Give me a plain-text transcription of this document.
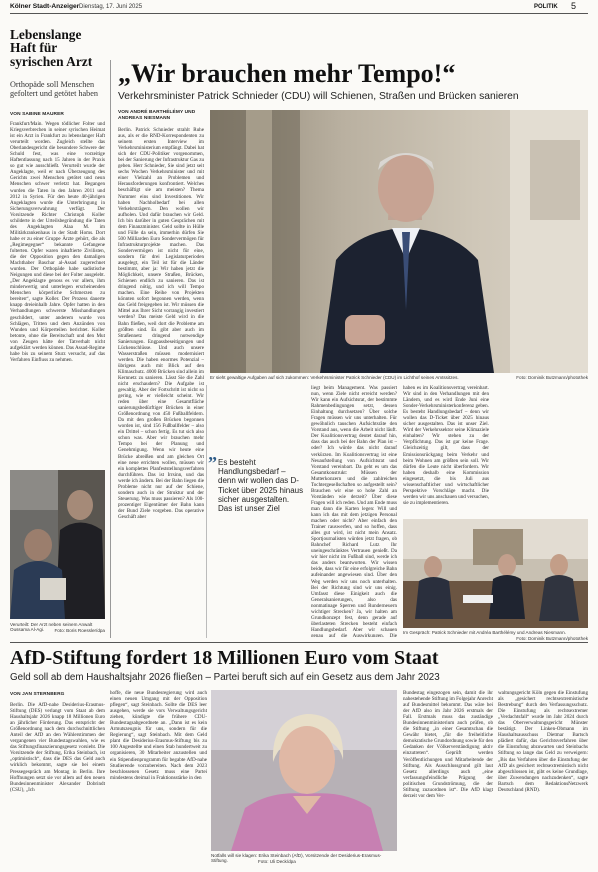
Kölner Stadt-Anzeiger Dienstag, 17. Juni 2025	POLITIK 5
Lebenslange Haft für syrischen Arzt
Orthopäde soll Menschen gefoltert und getötet haben
VON SABINE MAURER
Frankfurt/Main. Wegen tödlicher Folter und Kriegsverbrechen in seiner syrischen Heimat ist ein Arzt in Frankfurt zu lebenslanger Haft verurteilt worden. Zugleich stellte das Oberlandesgericht die besondere Schwere der Schuld fest, was eine vorzeitige Haftentlassung nach 15 Jahren in der Praxis so gut wie ausschließt. Verurteilt wurde der Angeklagte, weil er nach Überzeugung des Gerichts zwei Menschen getötet und neun Menschen schwer verletzt hat. Begangen wurden die Taten in den Jahren 2011 und 2012 in Syrien. Für den heute 40-jährigen Angeklagten wurde die Unterbringung in Sicherungsverwahrung verfügt. Der Vorsitzende Richter Christoph Koller schilderte in der Urteilsbegründung die Taten des Angeklagten Alaa M. im Militärkrankenhaus in der Stadt Homs. Dort habe er zu einer Gruppe Ärzte gehört, die als „Regimegegner“ bekannte Gefangene folterten. Opfer waren inhaftierte Zivilisten, die der Opposition gegen den damaligen Machthaber Baschar al-Assad zugerechnet wurden. Der Orthopäde habe sadistische Neigungen und diese bei der Folter ausgelebt. „Der Angeklagte genoss es vor allem, ihm minderwertig und unterlegen erscheinenden Menschen körperliche Schmerzen zu bereiten“, sagte Koller. Der Prozess dauerte knapp dreieinhalb Jahre. Opfer hatten in den Verhandlungen schwerste Misshandlungen geschildert, unter anderem wurde von Schlägen, Tritten und dem Anzünden von Wunden und Körperteilen berichtet. Koller betonte, ohne die Bereitschaft und den Mut von Zeugen hätte der Tatverhalt nicht aufgeklärt werden können. Das Assad-Regime habe bis zu seinem Sturz versucht, auf das Verfahren Einfluss zu nehmen.
Verurteilt: Der Arzt neben seinem Anwalt Oussama Al-Agi.	Foto: Boris Roessler/dpa
„Wir brauchen mehr Tempo!“
Verkehrsminister Patrick Schnieder (CDU) will Schienen, Straßen und Brücken sanieren
VON ANDRÉ BARTHÉLÉMY UND ANDREAS NIESMANN
Berlin. Patrick Schnieder strahlt Ruhe aus, als er die RND-Korrespondenten zu seinem ersten Interview im Verkehrsministerium empfängt. Dabei hat sich der CDU-Politiker vorgenommen, bei der Sanierung der Infrastruktur Gas zu geben. Herr Schnieder, Sie sind jetzt seit sechs Wochen Verkehrsminister und mit einer Vielzahl an Problemen und Herausforderungen konfrontiert. Welches beschäftigt sie am meisten? Thema Nummer eins sind Investitionen. Wir haben Nachholbedarf bei allen Verkehrsträgern. Den wollen wir aufholen. Und dafür brauchen wir Geld. Ich bin darüber in guten Gesprächen mit dem Finanzminister. Geld sollte in Hülle und Fülle da sein, immerhin dürfen Sie 500 Milliarden Euro Sondervermögen für Infrastrukturprojekte machen. Das Sondervermögen ist nicht für eine, sondern für drei Legislaturperioden ausgelegt, ein Teil ist für die Länder bestimmt, aber ja: Wir haben jetzt die Möglichkeit, unsere Straßen, Brücken, Schienen endlich zu sanieren. Das ist dringend nötig, und ich will Tempo machen. Eine Reihe von Projekten könnten sofort begonnen werden, wenn das Geld freigegeben ist. Wir müssen die Mittel aus Ihrer Sicht vorrangig investiert werden? Das meiste Geld wird in die Bahn fließen, weil dort die Probleme am größten sind. Es gibt aber auch im Straßennetz dringend notwendige Sanierungen. Engpassbeseitigungen und Lückenschlüsse. Und auch unsere Wasserstraßen müssen modernisiert werden. Die haben enormes Potenzial – übrigens auch mit Blick auf den Klimaschutz. 4000 Brücken sind allein im Kernnetz zu sanieren. Lässt Sie die Zahl nicht erschaudern? Die Aufgabe ist gewaltig. Aber der Fortschritt ist nicht so gering, wie er vielleicht scheint. Wir reden über eine Gesamtfläche sanierungsbedürftiger Brücken in einer Größenordnung von 450 Fußballfeldern. Da mit den großen Brücken begonnen worden ist, sind 156 Fußballfelder – also ein Drittel – schon fertig. Es tut sich also schon was. Aber wir brauchen mehr Tempo bei der Planung und Genehmigung. Wenn wir heute eine Brücke abreißen und am gleichen Ort eine neue errichten wollen, müssen wir ein komplettes Planfeststellungsverfahren durchführen. Das ist Irrsinn, und das werde ich ändern. Bei der Bahn liegen die Probleme nicht nur auf der Schiene, sondern auch in der Struktur und der Steuerung. Was muss passieren? Als 100-prozentiger Eigentümer der Bahn kann der Bund Ziele vorgeben. Das operative Geschäft aber
Er sieht gewaltige Aufgaben auf sich zukommen: Verkehrsminister Patrick Schnieder (CDU) im Lichthof seines Amtssitzes.	Foto: Dominik Butzmann/photothek
” Es besteht Handlungsbedarf – denn wir wollen das D-Ticket über 2025 hinaus sicher ausgestalten. Das ist unser Ziel
liegt beim Management. Was passiert nun, wenn Ziele nicht erreicht werden? Wir kann ein Aufsichtsrat, der bestimmte Rahmenbedingungen setzt, dessen Einhaltung durchsetzen? Über solche Fragen müssen wir uns unterhalten. Für gewöhnlich tauschen Aufsichtsräte den Vorstand aus, wenn die Arbeit nicht läuft. Der Koalitionsvertrag deutet darauf hin, dass das auch bei der Bahn der Plan ist – oder? Ich würde das nicht darauf verkürzen. Im Koalitionsvertrag ist eine Neuaufstellung von Aufsichtsrat und Vorstand vereinbart. Da geht es um das Gesamtkonstrukt: Müssen der Mutterkonzern und die zahlreichen Tochtergesellschaften so aufgestellt sein? Brauchen wir eine so hohe Zahl an Vorständen wie derzeit? Über diese Fragen will ich reden. Und am Ende muss man dann die Karten legen: Will und kann ich das mit dem jetzigen Personal machen oder nicht? Aber einfach den Trainer rauswerfen, und so hoffen, dass alles gut wird, ist nicht mein Ansatz. Sportjournalisten würden jetzt fragen, ob Bahnchef Richard Lutz Ihr uneingeschränktes Vertrauen genießt. Da wir hier nicht im Fußball sind, werde ich das anders beantworten. Wir wissen beide, dass wir für eine erfolgreiche Bahn aufeinander angewiesen sind. Über den Weg werden wir uns noch unterhalten. Bei der Richtung sind wir uns einig. Umfasst diese Einigkeit auch die Generalsanierungen, also das nonmatinage Sperren und Runderneuern wichtiger Strecken? Ja, wir halten am Grundkonzept fest, denn gerade auf überlasteten Strecken besteht einfach Handlungsbedarf. Aber wir schauen genau auf die Auswirkungen. Die
haben es im Koalitionsvertrag vereinbart. Wir sind in den Verhandlungen mit den Ländern, und es wird Ende Juni eine Sonder-Verkehrsministerkonferenz geben. Es besteht Handlungsbedarf – denn wir wollen das D-Ticket über 2025 hinaus sicher ausgestalten. Das ist unser Ziel. Wird der Verkehrssektor seine Klimaziele einhalten? Wir stehen zu der Verpflichtung. Das ist gar keine Frage. Gleichzeitig gilt, dass der Emissionsrückgang beim Verkehr und beim Wohnen am größten sein soll. Wir dürfen die Leute nicht überfordern. Wir haben deshalb eine Kommission eingesetzt, die bis Juli aus wissenschaftlicher und wirtschaftlicher Perspektive Vorschläge macht. Die werden wir uns anschauen und versuchen, sie zu implementieren.
Im Gespräch: Patrick Schnieder mit Andréa Barthélémy und Andreas Niesmann.
Foto: Dominik Butzmann/photothek
AfD-Stiftung fordert 18 Millionen Euro vom Staat
Geld soll ab dem Haushaltsjahr 2026 fließen – Partei beruft sich auf ein Gesetz aus dem Jahr 2023
VON JAN STERNBERG
Berlin. Die AfD-nahe Desiderius-Erasmus-Stiftung (DES) verlangt vom Staat ab dem Haushaltsjahr 2026 knapp 18 Millionen Euro an jährlicher Förderung. Das entspricht der Größenordnung nach dem durchschnittlichen Anteil der AfD an den Wählerstimmen der vergangenen vier Bundestagswahlen, wie es das Stiftungsfinanzierungsgesetz vorsieht. Die Vorsitzende der Stiftung, Erika Steinbach, ist „optimistisch“, dass die DES das Geld auch wirklich bekommt, sagte sie bei einem Pressegespräch am Montag in Berlin. Ihre Hoffnungen setzt sie vor allem auf den neuen Bundesinnenminister Alexander Dobrindt (CSU), „Ich
hoffe, die neue Bundesregierung wird auch einen neuen Umgang mit der Opposition pflegen“, sagt Steinbach. Sollte die DES leer ausgehen, werde sie vors Verwaltungsgericht ziehen, kündigte die frühere CDU-Bundestagsabgeordnete an. „Dann ist es kein Armutszeugnis für uns, sondern für die Regierung“, sagt Steinbach. Mit dem Geld plant die Desiderius-Erasmus-Stiftung bis zu 100 Angestellte und einen Stab hundertweit zu organisieren, 30 Mitarbeiter anzustellen und ein Stipendienprogramm für begabte AfD-nahe Studierende vorzubereiten. Nach dem 2023 beschlossenen Gesetz muss eine Partei mindestens dreimal in Fraktionsstärke in den
Notfalls will sie klagen: Erika Steinbach (AfD), Vorsitzende der Desiderius-Erasmus-Stiftung.	Foto: Uli Deck/dpa
Bundestag eingezogen sein, damit die ihr nahestehende Stiftung im Folgejahr Anrecht auf Bundesmittel bekommt. Das wäre bei der AfD also im Jahr 2026 erstmals der Fall. Erstmals muss das zuständige Bundesinnenministerium auch prüfen, ob die Stiftung „in einer Gesamtschau die Gewähr bietet, „für die freiheitliche demokratische Grundordnung sowie für den Gedanken der Völkerverständigung aktiv einzutreten“. Geprüft werden Veröffentlichungen und Mitarbeitende der Stiftung. Als Ausschlussgrund gilt laut Gesetz allerdings auch „eine verfassungsfeindliche Prägung der politischen Grundströmung, die der Stiftung zuzuordnen ist“. Die AfD klagt derzeit vor dem Ver-
waltungsgericht Köln gegen die Einstufung als „gesichert rechtsextremistische Bestrebung“ durch den Verfassungsschutz. Die Einstufung als rechtsextremer „Verdachtsfall“ wurde im Jahr 2024 durch das Oberverwaltungsgericht Münster bestätigt. Der Linken-Obmann im Haushaltsausschuss Dietmar Bartsch plädiert dafür, das Gerichtsverfahren über die Einstufung abzuwarten und Steinbachs Stiftung so lange das Geld zu verweigern: „Bis das Verfahren über die Einstufung der AfD als gesichert rechtsextremistisch nicht abgeschlossen ist, gibt es keine Grundlage, über Zuwendungen nachzudenken“, sagte Bartsch dem RedaktionsNetzwerk Deutschland (RND).
